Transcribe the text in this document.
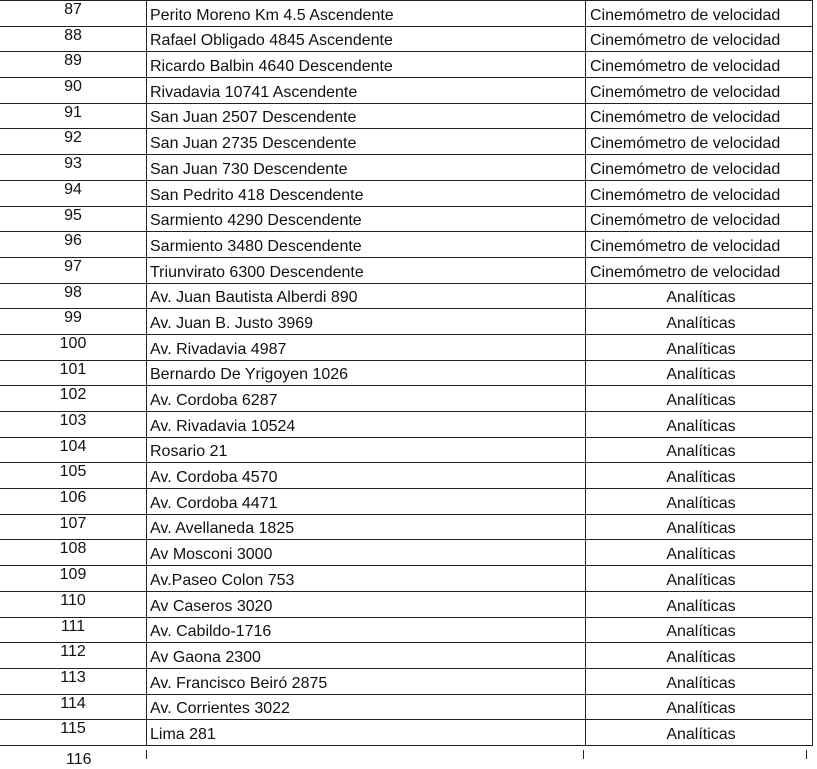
87	Perito Moreno Km 4.5 Ascendente	Cinemómetro de velocidad
88	Rafael Obligado 4845 Ascendente	Cinemómetro de velocidad
89	Ricardo Balbin 4640 Descendente	Cinemómetro de velocidad
90	Rivadavia 10741 Ascendente	Cinemómetro de velocidad
91	San Juan 2507 Descendente	Cinemómetro de velocidad
92	San Juan 2735 Descendente	Cinemómetro de velocidad
93	San Juan 730 Descendente	Cinemómetro de velocidad
94	San Pedrito 418 Descendente	Cinemómetro de velocidad
95	Sarmiento 4290 Descendente	Cinemómetro de velocidad
96	Sarmiento 3480 Descendente	Cinemómetro de velocidad
97	Triunvirato 6300 Descendente	Cinemómetro de velocidad
98	Av. Juan Bautista Alberdi 890	Analíticas
99	Av. Juan B. Justo 3969	Analíticas
100	Av. Rivadavia 4987	Analíticas
101	Bernardo De Yrigoyen 1026	Analíticas
102	Av. Cordoba 6287	Analíticas
103	Av. Rivadavia 10524	Analíticas
104	Rosario 21	Analíticas
105	Av. Cordoba 4570	Analíticas
106	Av. Cordoba 4471	Analíticas
107	Av. Avellaneda 1825	Analíticas
108	Av Mosconi 3000	Analíticas
109	Av.Paseo Colon 753	Analíticas
110	Av Caseros 3020	Analíticas
111	Av. Cabildo-1716	Analíticas
112	Av Gaona 2300	Analíticas
113	Av. Francisco Beiró 2875	Analíticas
114	Av. Corrientes 3022	Analíticas
115	Lima 281	Analíticas
116
